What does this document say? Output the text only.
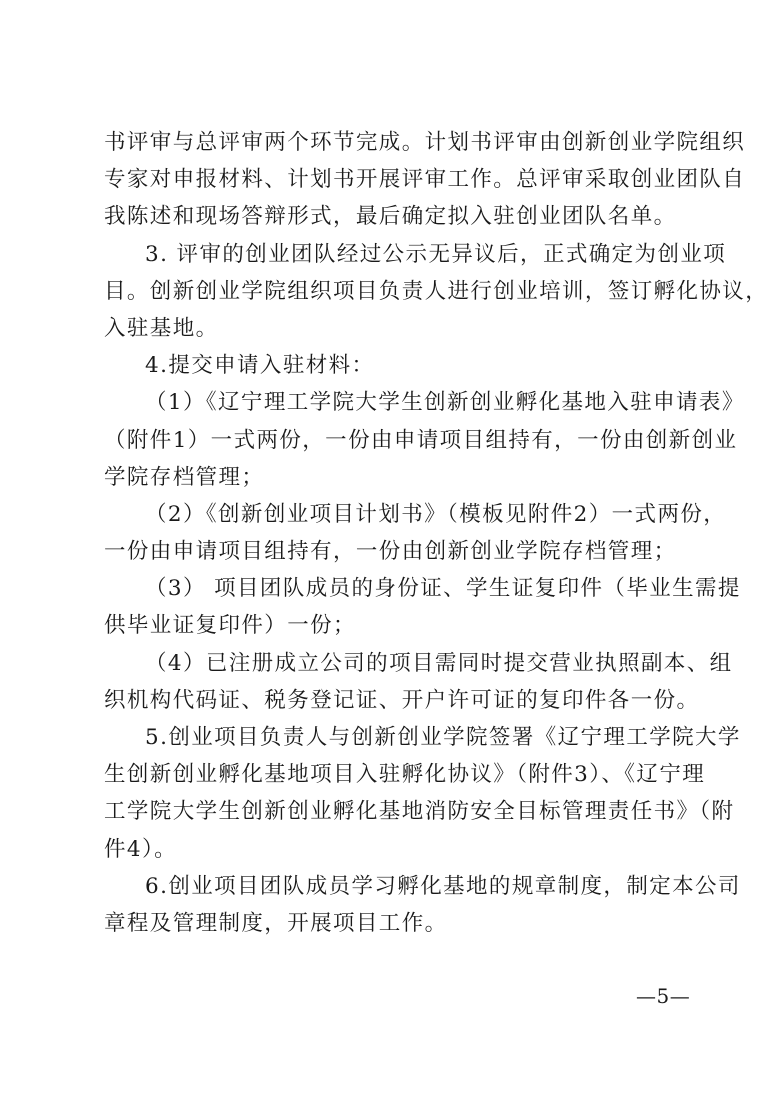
书评审与总评审两个环节完成。计划书评审由创新创业学院组织
专家对申报材料、计划书开展评审工作。总评审采取创业团队自
我陈述和现场答辩形式，最后确定拟入驻创业团队名单。
3. 评审的创业团队经过公示无异议后，正式确定为创业项
目。创新创业学院组织项目负责人进行创业培训，签订孵化协议，
入驻基地。
4.提交申请入驻材料：
（1）《辽宁理工学院大学生创新创业孵化基地入驻申请表》
（附件1）一式两份，一份由申请项目组持有，一份由创新创业
学院存档管理；
（2）《创新创业项目计划书》（模板见附件2）一式两份，
一份由申请项目组持有，一份由创新创业学院存档管理；
（3） 项目团队成员的身份证、学生证复印件（毕业生需提
供毕业证复印件）一份；
（4）已注册成立公司的项目需同时提交营业执照副本、组
织机构代码证、税务登记证、开户许可证的复印件各一份。
5.创业项目负责人与创新创业学院签署《辽宁理工学院大学
生创新创业孵化基地项目入驻孵化协议》（附件3）、《辽宁理
工学院大学生创新创业孵化基地消防安全目标管理责任书》（附
件4）。
6.创业项目团队成员学习孵化基地的规章制度，制定本公司
章程及管理制度，开展项目工作。
—5—
